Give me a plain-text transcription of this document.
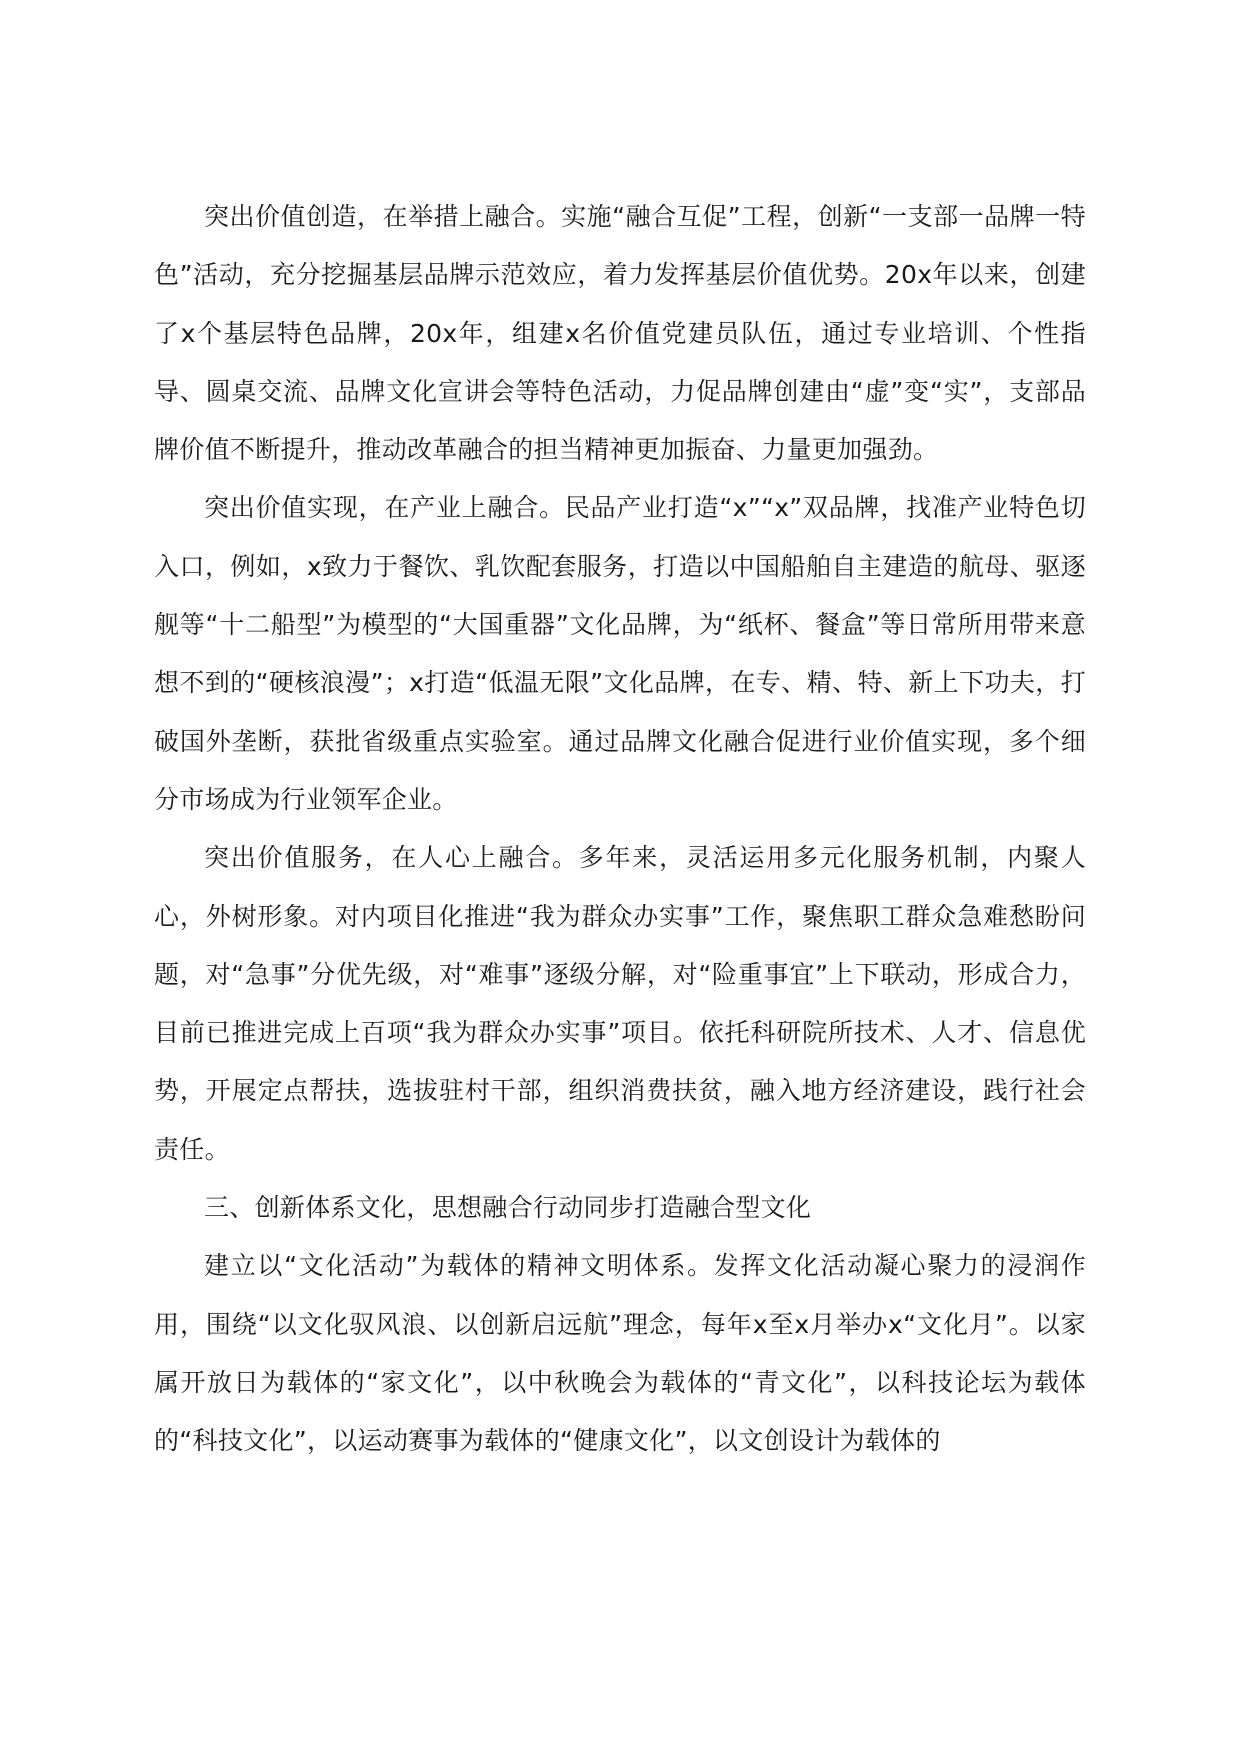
突出价值创造，在举措上融合。实施“融合互促”工程，创新“一支部一品牌一特色”活动，充分挖掘基层品牌示范效应，着力发挥基层价值优势。20x年以来，创建了x个基层特色品牌，20x年，组建x名价值党建员队伍，通过专业培训、个性指导、圆桌交流、品牌文化宣讲会等特色活动，力促品牌创建由“虚”变“实”，支部品牌价值不断提升，推动改革融合的担当精神更加振奋、力量更加强劲。

突出价值实现，在产业上融合。民品产业打造“x”“x”双品牌，找准产业特色切入口，例如，x致力于餐饮、乳饮配套服务，打造以中国船舶自主建造的航母、驱逐舰等“十二船型”为模型的“大国重器”文化品牌，为“纸杯、餐盒”等日常所用带来意想不到的“硬核浪漫”；x打造“低温无限”文化品牌，在专、精、特、新上下功夫，打破国外垄断，获批省级重点实验室。通过品牌文化融合促进行业价值实现，多个细分市场成为行业领军企业。

突出价值服务，在人心上融合。多年来，灵活运用多元化服务机制，内聚人心，外树形象。对内项目化推进“我为群众办实事”工作，聚焦职工群众急难愁盼问题，对“急事”分优先级，对“难事”逐级分解，对“险重事宜”上下联动，形成合力，目前已推进完成上百项“我为群众办实事”项目。依托科研院所技术、人才、信息优势，开展定点帮扶，选拔驻村干部，组织消费扶贫，融入地方经济建设，践行社会责任。

三、创新体系文化，思想融合行动同步打造融合型文化

建立以“文化活动”为载体的精神文明体系。发挥文化活动凝心聚力的浸润作用，围绕“以文化驭风浪、以创新启远航”理念，每年x至x月举办x“文化月”。以家属开放日为载体的“家文化”，以中秋晚会为载体的“青文化”，以科技论坛为载体的“科技文化”，以运动赛事为载体的“健康文化”，以文创设计为载体的
